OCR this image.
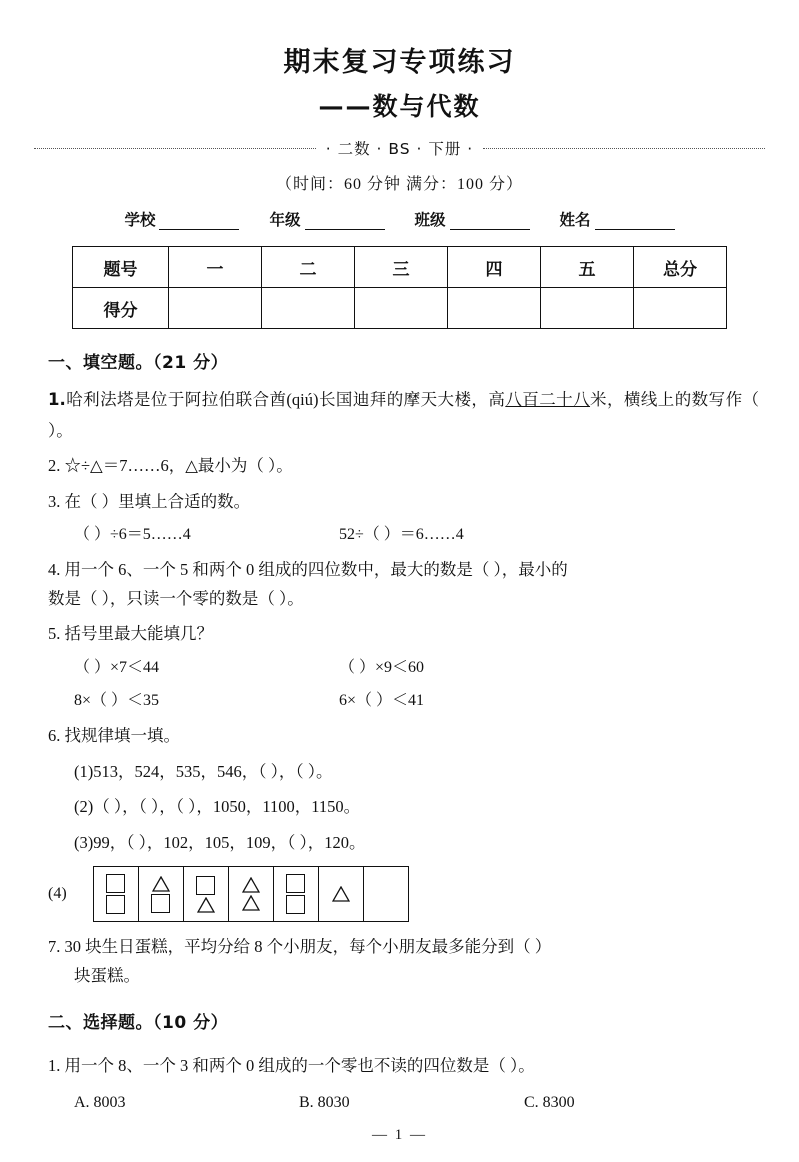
期末复习专项练习
——数与代数
· 二数 · BS · 下册 ·
（时间：60 分钟 满分：100 分）
学校	年级	班级	姓名
题号	一	二	三	四	五	总分
得分						
一、填空题。（21 分）
1.哈利法塔是位于阿拉伯联合酋(qiú)长国迪拜的摩天大楼，高八百二十八米，横线上的数写作（ ）。
2. ☆÷△＝7……6，△最小为（ ）。
3. 在（ ）里填上合适的数。
（ ）÷6＝5……4	52÷（ ）＝6……4
4. 用一个 6、一个 5 和两个 0 组成的四位数中，最大的数是（ ），最小的
数是（ ），只读一个零的数是（ ）。
5. 括号里最大能填几？
（ ）×7＜44	（ ）×9＜60
8×（ ）＜35	6×（ ）＜41
6. 找规律填一填。
(1)513，524，535，546，（ ），（ ）。
(2)（ ），（ ），（ ），1050，1100，1150。
(3)99，（ ），102，105，109，（ ），120。
(4)
7. 30 块生日蛋糕，平均分给 8 个小朋友，每个小朋友最多能分到（ ）
块蛋糕。
二、选择题。（10 分）
1. 用一个 8、一个 3 和两个 0 组成的一个零也不读的四位数是（ ）。
A. 8003	B. 8030	C. 8300
— 1 —
